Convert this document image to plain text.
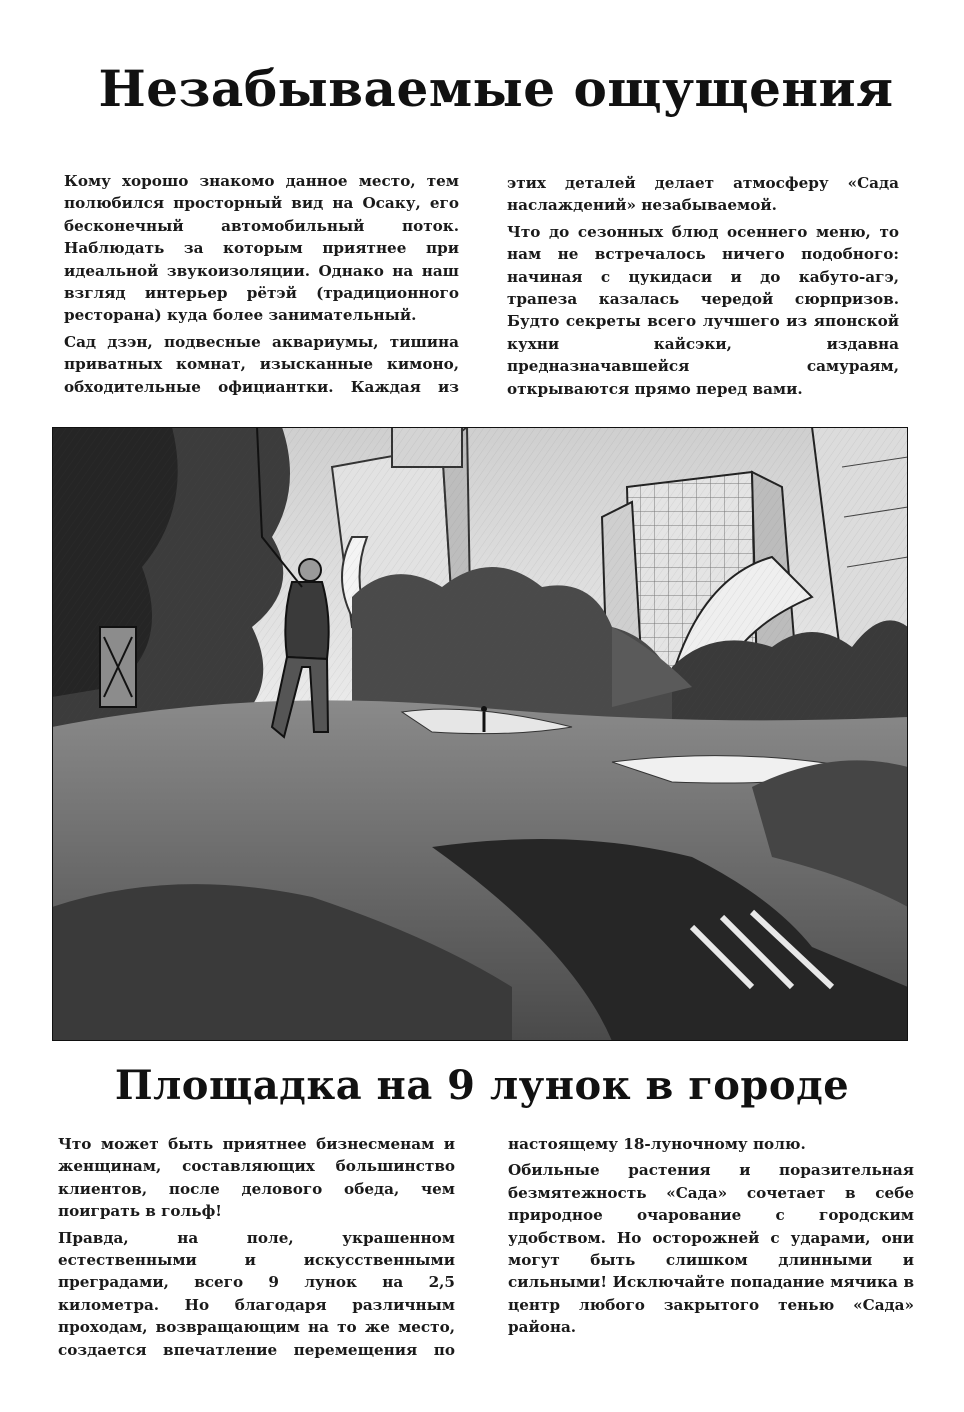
Незабываемые ощущения

Кому хорошо знакомо данное место, тем полюбился просторный вид на Осаку, его бесконечный автомобильный поток. Наблюдать за которым приятнее при идеальной звукоизоляции. Однако на наш взгляд интерьер рётэй (традиционного ресторана) куда более занимательный.

Сад дзэн, подвесные аквариумы, тишина приватных комнат, изысканные кимоно, обходительные официантки. Каждая из

этих деталей делает атмосферу «Сада наслаждений» незабываемой.

Что до сезонных блюд осеннего меню, то нам не встречалось ничего подобного: начиная с цукидаси и до кабуто-агэ, трапеза казалась чередой сюрпризов. Будто секреты всего лучшего из японской кухни кайсэки, издавна предназначавшейся самураям, открываются прямо перед вами.

Площадка на 9 лунок в городе

Что может быть приятнее бизнесменам и женщинам, составляющих большинство клиентов, после делового обеда, чем поиграть в гольф!

Правда, на поле, украшенном естественными и искусственными преградами, всего 9 лунок на 2,5 километра. Но благодаря различным проходам, возвращающим на то же место, создается впечатление перемещения по

настоящему 18-луночному полю.

Обильные растения и поразительная безмятежность «Сада» сочетает в себе природное очарование с городским удобством. Но осторожней с ударами, они могут быть слишком длинными и сильными! Исключайте попадание мячика в центр любого закрытого тенью «Сада» района.
